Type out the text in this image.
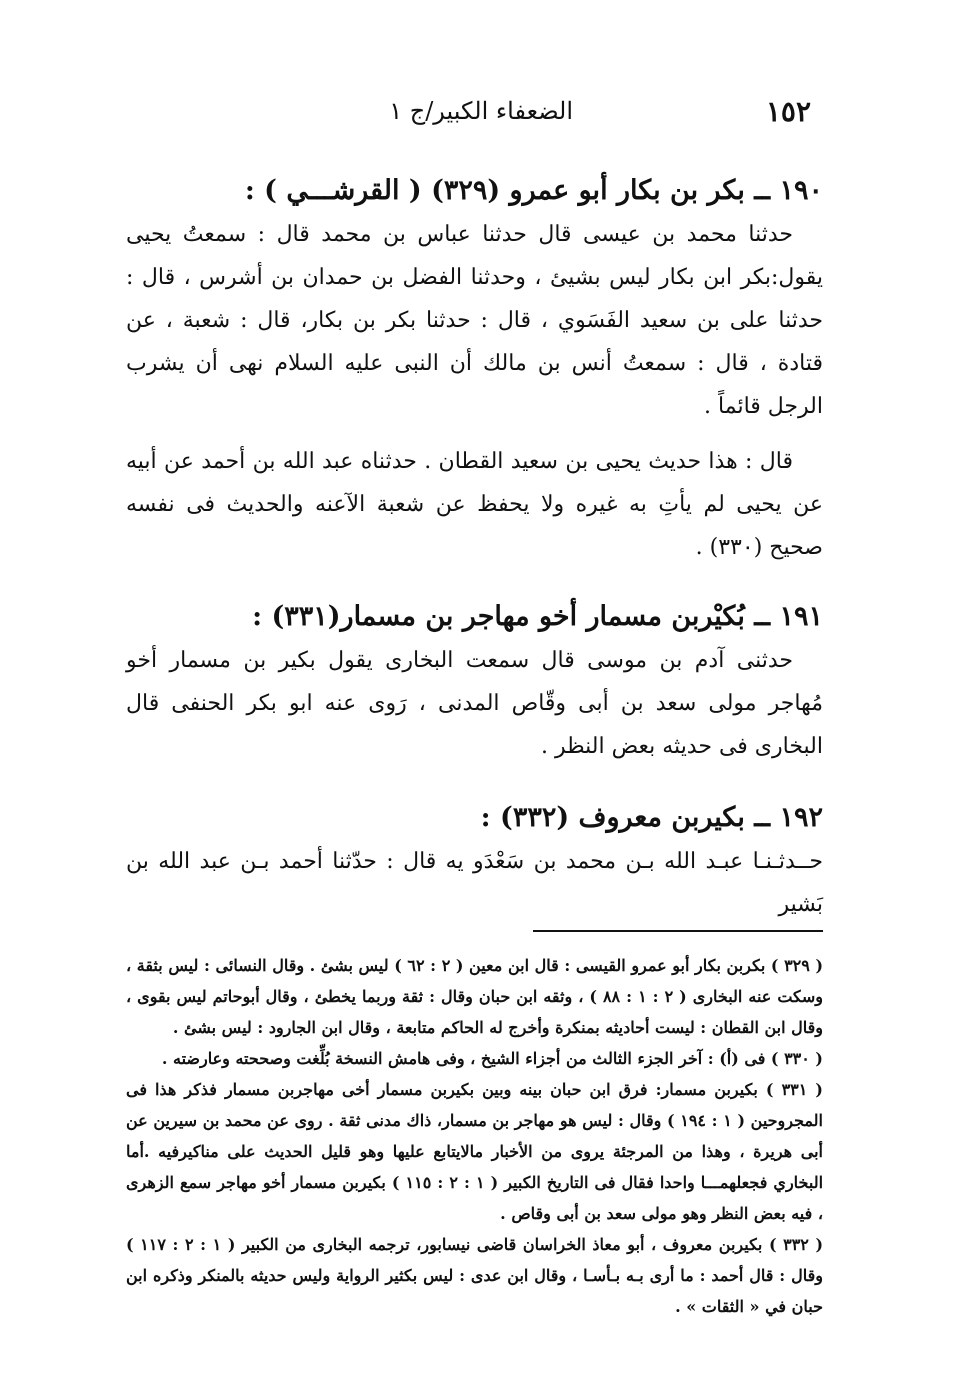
١٥٢
الضعفاء الكبير/ج ١
١٩٠ ــ بكر بن بكار أبو عمرو (٣٢٩) ( القرشـــي ) :

حدثنا محمد بن عيسى قال حدثنا عباس بن محمد قال : سمعتُ يحيى يقول:بكر ابن بكار ليس بشيئ ، وحدثنا الفضل بن حمدان بن أشرس ، قال : حدثنا على بن سعيد الفَسَوي ، قال : حدثنا بكر بن بكار، قال : شعبة ، عن قتادة ، قال : سمعتُ أنس بن مالك أن النبى عليه السلام نهى أن يشرب الرجل قائماً .

قال : هذا حديث يحيى بن سعيد القطان . حدثناه عبد الله بن أحمد عن أبيه عن يحيى لم يأتِ به غيره ولا يحفظ عن شعبة الآعنه والحديث فى نفسه صحيح (٣٣٠) .

١٩١ ــ بُكيْربن مسمار أخو مهاجر بن مسمار(٣٣١) :

حدثنى آدم بن موسى قال سمعت البخارى يقول بكير بن مسمار أخو مُهاجر مولى سعد بن أبى وقّاص المدنى ، رَوى عنه ابو بكر الحنفى قال البخارى فى حديثه بعض النظر .

١٩٢ ــ بكيربن معروف (٣٣٢) :

حــدثـنـا عبـد الله بـن محمد بن سَعْدَو يه قال : حدّثنا أحمد بـن عبد الله بن بَشير

( ٣٢٩ ) بكربن بكار أبو عمرو القيسى : قال ابن معين ( ٢ : ٦٢ ) ليس بشئ . وقال النسائى : ليس بثقة ، وسكت عنه البخارى ( ٢ : ١ : ٨٨ ) ، وثقه ابن حبان وقال : ثقة وربما يخطئ ، وقال أبوحاتم ليس بقوى ، وقال ابن القطان : ليست أحاديثه بمنكرة وأخرج له الحاكم متابعة ، وقال ابن الجارود : ليس بشئ .

( ٣٣٠ ) فى (أ) : آخر الجزء الثالث من أجزاء الشيخ ، وفى هامش النسخة بُلِّغت وصححته وعارضته .

( ٣٣١ ) بكيربن مسمار: فرق ابن حبان بينه وبين بكيربن مسمار أخى مهاجربن مسمار فذكر هذا فى المجروحين ( ١ : ١٩٤ ) وقال : ليس هو مهاجر بن مسمار، ذاك مدنى ثقة . روى عن محمد بن سيرين عن أبى هريرة ، وهذا من المرجئة يروى من الأخبار مالايتابع عليها وهو قليل الحديث على مناكيرفيه .أما البخاري فجعلهمـــا واحدا فقال فى التاريخ الكبير ( ١ : ٢ : ١١٥ ) بكيربن مسمار أخو مهاجر سمع الزهرى ، فيه بعض النظر وهو مولى سعد بن أبى وقاص .

( ٣٣٢ ) بكيربن معروف ، أبو معاذ الخراسان قاضى نيسابور، ترجمه البخارى من الكبير ( ١ : ٢ : ١١٧ ) وقال : قال أحمد : ما أرى بـه بـأسـا ، وقال ابن عدى : ليس بكثير الرواية وليس حديثه بالمنكر وذكره ابن حبان في « الثقات » .
